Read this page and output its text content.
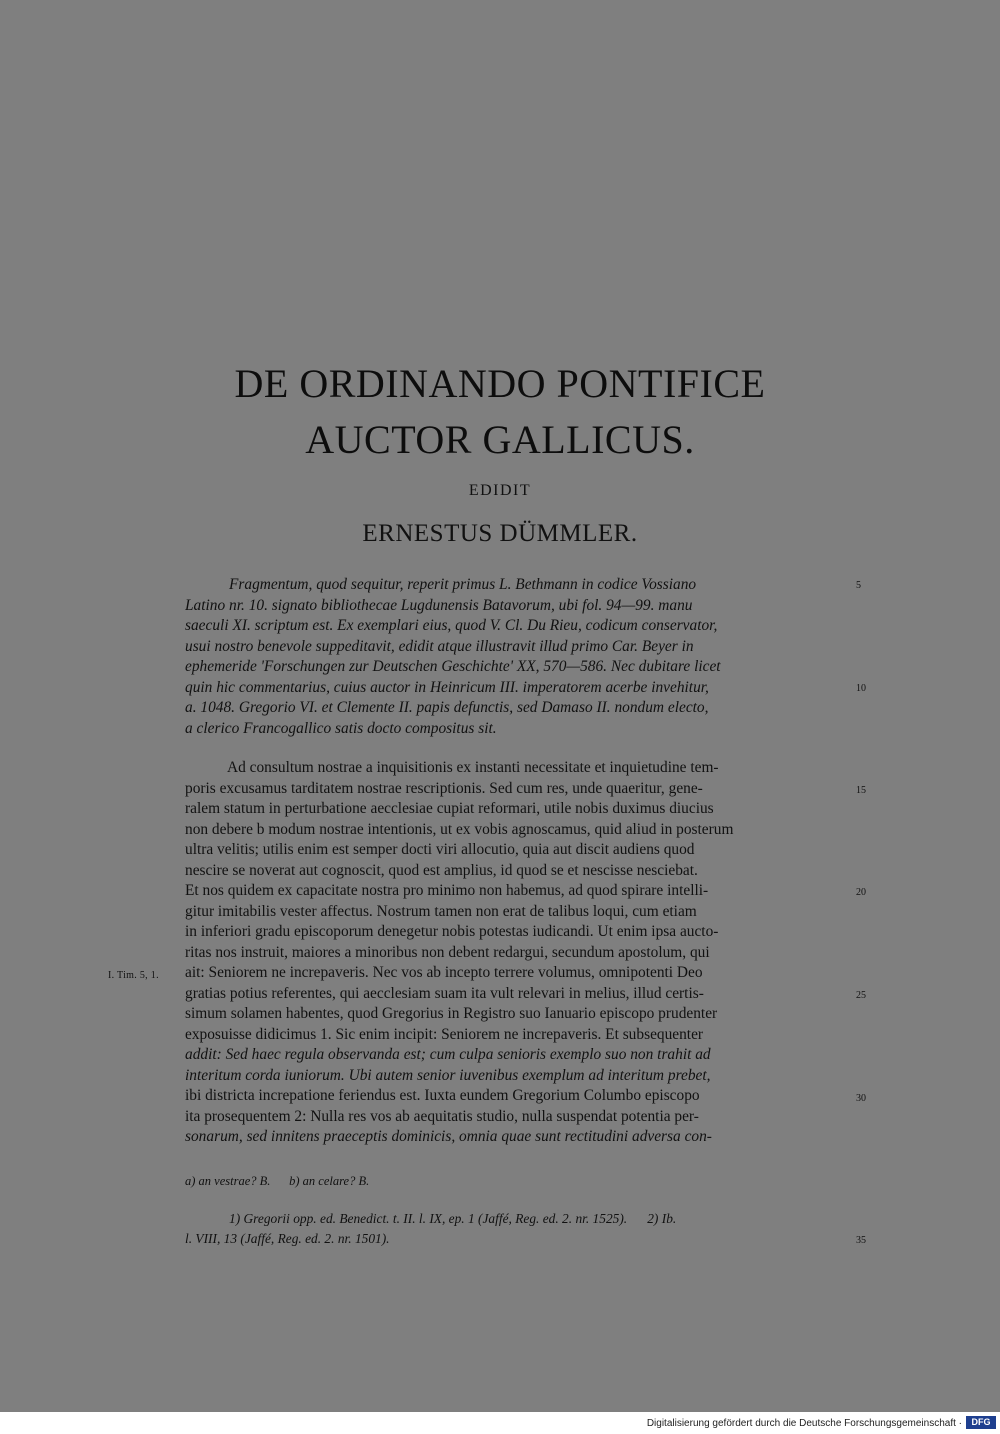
DE ORDINANDO PONTIFICE
AUCTOR GALLICUS.
EDIDIT
ERNESTUS DÜMMLER.
Fragmentum, quod sequitur, reperit primus L. Bethmann in codice Vossiano
Latino nr. 10. signato bibliothecae Lugdunensis Batavorum, ubi fol. 94—99. manu
saeculi XI. scriptum est. Ex exemplari eius, quod V. Cl. Du Rieu, codicum conservator,
usui nostro benevole suppeditavit, edidit atque illustravit illud primo Car. Beyer in
ephemeride 'Forschungen zur Deutschen Geschichte' XX, 570—586. Nec dubitare licet
quin hic commentarius, cuius auctor in Heinricum III. imperatorem acerbe invehitur,
a. 1048. Gregorio VI. et Clemente II. papis defunctis, sed Damaso II. nondum electo,
a clerico Francogallico satis docto compositus sit.
Ad consultum nostrae a inquisitionis ex instanti necessitate et inquietudine tem-
poris excusamus tarditatem nostrae rescriptionis. Sed cum res, unde quaeritur, gene-
ralem statum in perturbatione aecclesiae cupiat reformari, utile nobis duximus diucius
non debere b modum nostrae intentionis, ut ex vobis agnoscamus, quid aliud in posterum
ultra velitis; utilis enim est semper docti viri allocutio, quia aut discit audiens quod
nescire se noverat aut cognoscit, quod est amplius, id quod se et nescisse nesciebat.
Et nos quidem ex capacitate nostra pro minimo non habemus, ad quod spirare intelli-
gitur imitabilis vester affectus. Nostrum tamen non erat de talibus loqui, cum etiam
in inferiori gradu episcoporum denegetur nobis potestas iudicandi. Ut enim ipsa aucto-
ritas nos instruit, maiores a minoribus non debent redargui, secundum apostolum, qui
ait: Seniorem ne increpaveris. Nec vos ab incepto terrere volumus, omnipotenti Deo
gratias potius referentes, qui aecclesiam suam ita vult relevari in melius, illud certis-
simum solamen habentes, quod Gregorius in Registro suo Ianuario episcopo prudenter
exposuisse didicimus 1. Sic enim incipit: Seniorem ne increpaveris. Et subsequenter
addit: Sed haec regula observanda est; cum culpa senioris exemplo suo non trahit ad
interitum corda iuniorum. Ubi autem senior iuvenibus exemplum ad interitum prebet,
ibi districta increpatione feriendus est. Iuxta eundem Gregorium Columbo episcopo
ita prosequentem 2: Nulla res vos ab aequitatis studio, nulla suspendat potentia per-
sonarum, sed innitens praeceptis dominicis, omnia quae sunt rectitudini adversa con-
5
10
15
20
25
30
35
I. Tim. 5, 1.
a) an vestrae? B.      b) an celare? B.
1) Gregorii opp. ed. Benedict. t. II. l. IX, ep. 1 (Jaffé, Reg. ed. 2. nr. 1525).      2) Ib.
l. VIII, 13 (Jaffé, Reg. ed. 2. nr. 1501).
Digitalisierung gefördert durch die Deutsche Forschungsgemeinschaft ·	DFG
